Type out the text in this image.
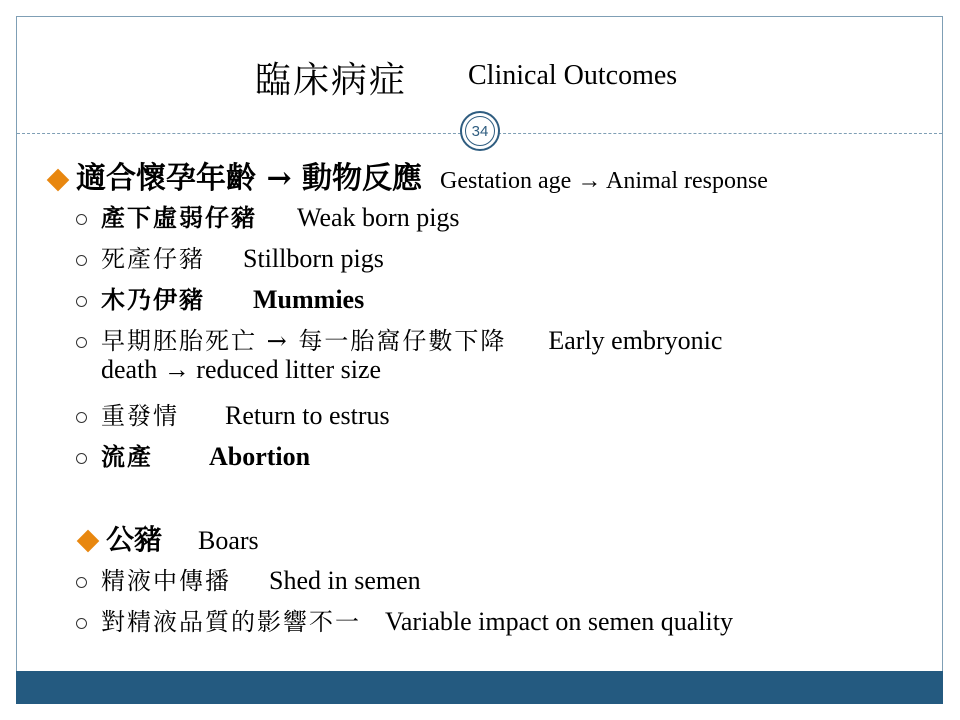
臨床病症 Clinical Outcomes
34
適合懷孕年齡 → 動物反應 Gestation age → Animal response
產下虛弱仔豬 Weak born pigs
死產仔豬 Stillborn pigs
木乃伊豬 Mummies
早期胚胎死亡 → 每一胎窩仔數下降 Early embryonic
death → reduced litter size
重發情 Return to estrus
流產 Abortion
公豬 Boars
精液中傳播 Shed in semen
對精液品質的影響不一 Variable impact on semen quality
